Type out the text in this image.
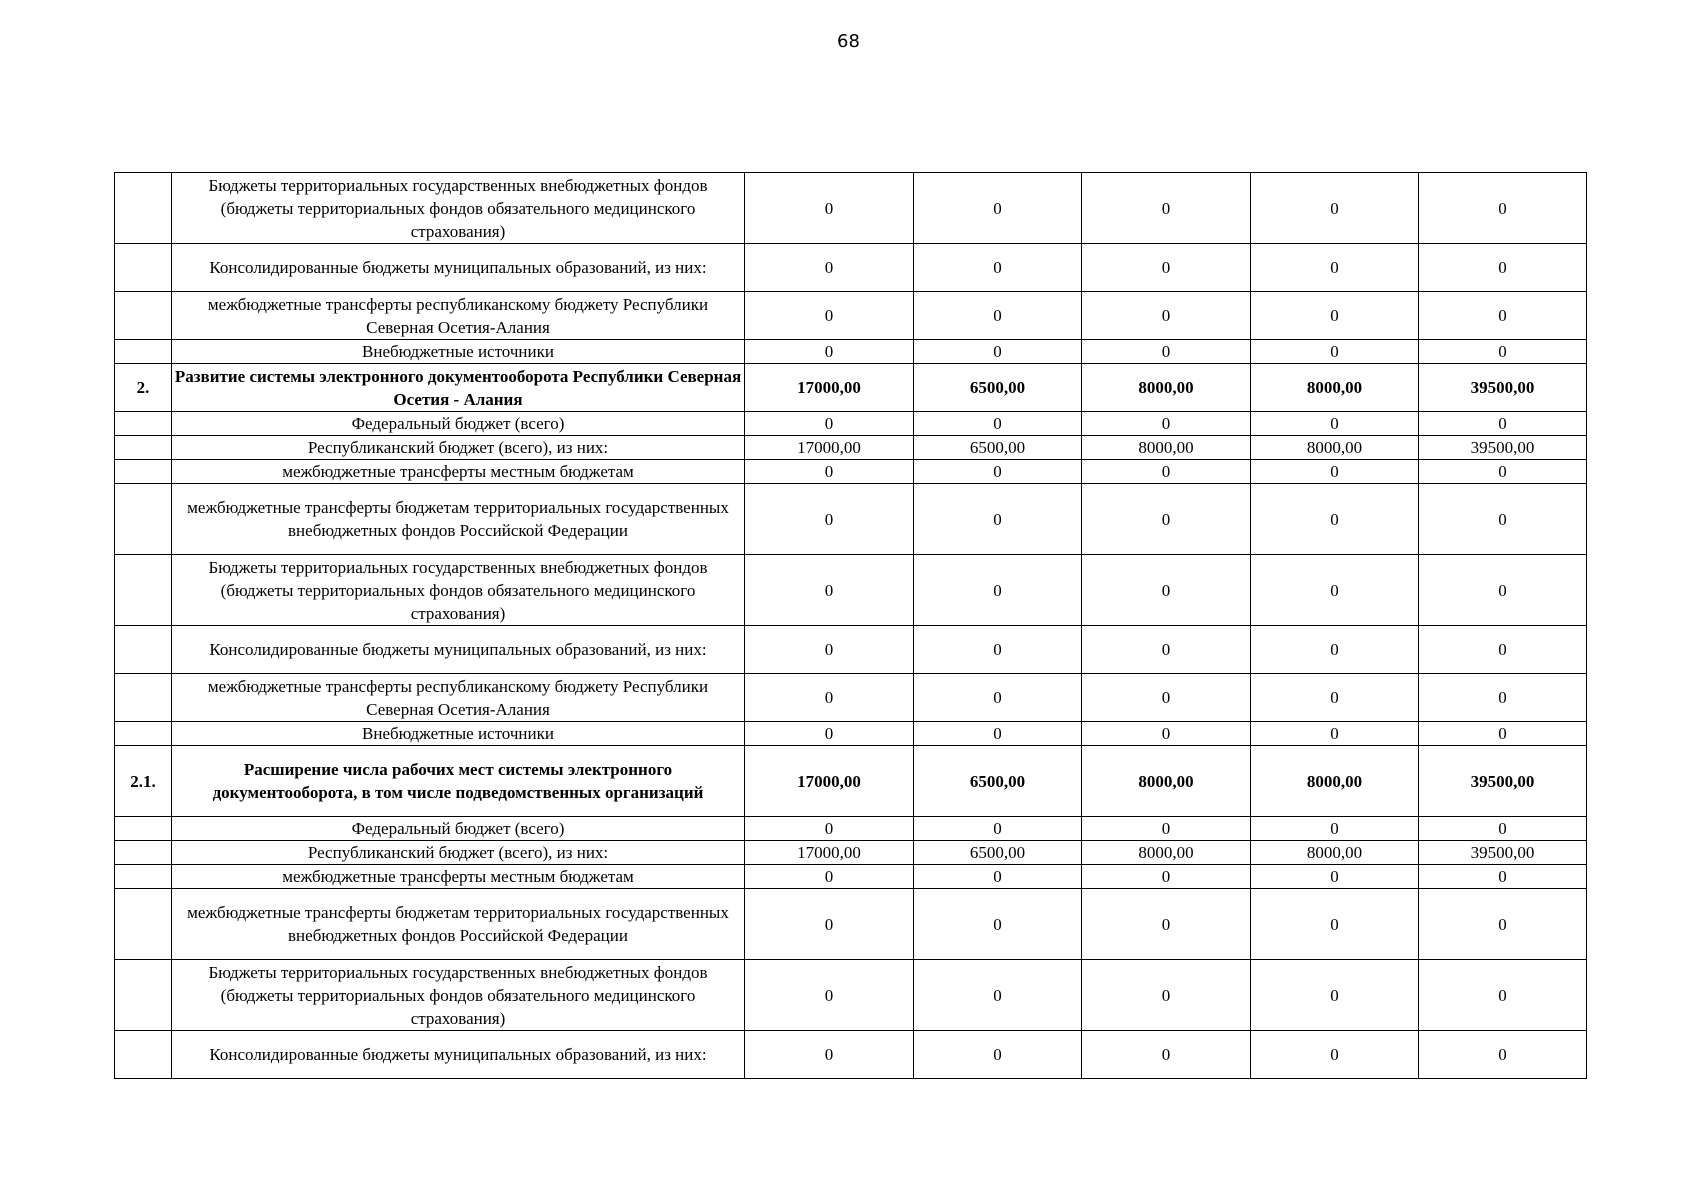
68
	Бюджеты территориальных государственных внебюджетных фондов (бюджеты территориальных фондов обязательного медицинского страхования)	0	0	0	0	0
	Консолидированные бюджеты муниципальных образований, из них:	0	0	0	0	0
	межбюджетные трансферты республиканскому бюджету Республики Северная Осетия-Алания	0	0	0	0	0
	Внебюджетные источники	0	0	0	0	0
2.	Развитие системы электронного документооборота Республики Северная Осетия - Алания	17000,00	6500,00	8000,00	8000,00	39500,00
	Федеральный бюджет (всего)	0	0	0	0	0
	Республиканский бюджет (всего), из них:	17000,00	6500,00	8000,00	8000,00	39500,00
	межбюджетные трансферты местным бюджетам	0	0	0	0	0
	межбюджетные трансферты бюджетам территориальных государственных внебюджетных фондов Российской Федерации	0	0	0	0	0
	Бюджеты территориальных государственных внебюджетных фондов (бюджеты территориальных фондов обязательного медицинского страхования)	0	0	0	0	0
	Консолидированные бюджеты муниципальных образований, из них:	0	0	0	0	0
	межбюджетные трансферты республиканскому бюджету Республики Северная Осетия-Алания	0	0	0	0	0
	Внебюджетные источники	0	0	0	0	0
2.1.	Расширение числа рабочих мест системы электронного документооборота, в том числе подведомственных организаций	17000,00	6500,00	8000,00	8000,00	39500,00
	Федеральный бюджет (всего)	0	0	0	0	0
	Республиканский бюджет (всего), из них:	17000,00	6500,00	8000,00	8000,00	39500,00
	межбюджетные трансферты местным бюджетам	0	0	0	0	0
	межбюджетные трансферты бюджетам территориальных государственных внебюджетных фондов Российской Федерации	0	0	0	0	0
	Бюджеты территориальных государственных внебюджетных фондов (бюджеты территориальных фондов обязательного медицинского страхования)	0	0	0	0	0
	Консолидированные бюджеты муниципальных образований, из них:	0	0	0	0	0
